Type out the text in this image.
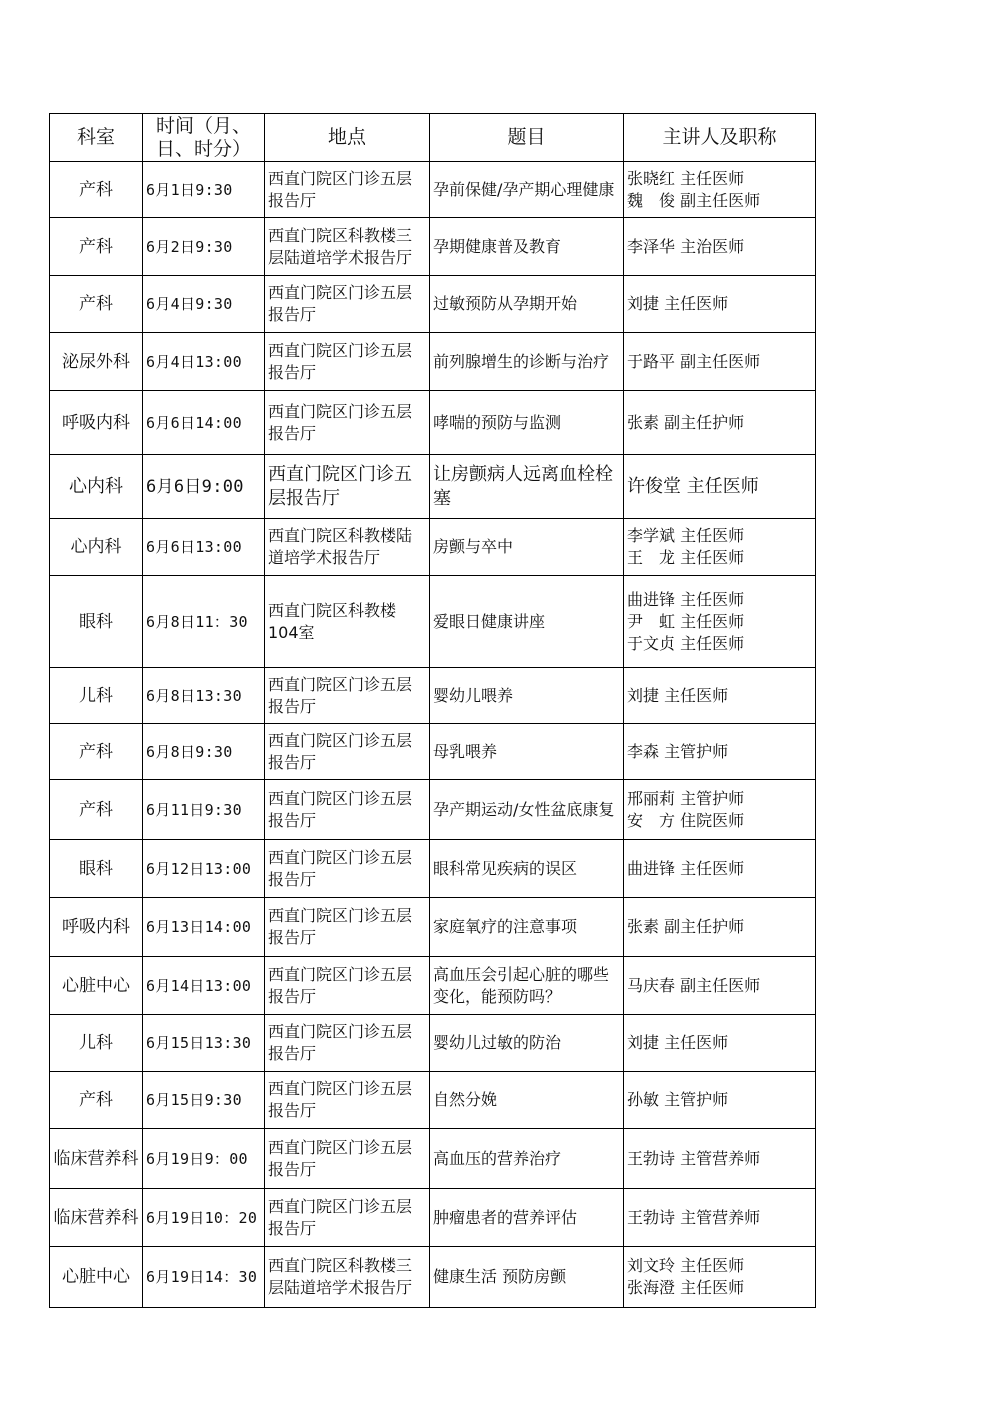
科室	时间（月、日、时分）	地点	题目	主讲人及职称
产科	6月1日9:30	西直门院区门诊五层报告厅	孕前保健/孕产期心理健康	张晓红 主任医师
魏　俊 副主任医师

产科	6月2日9:30	西直门院区科教楼三层陆道培学术报告厅	孕期健康普及教育	李泽华 主治医师

产科	6月4日9:30	西直门院区门诊五层报告厅	过敏预防从孕期开始	刘捷 主任医师

泌尿外科	6月4日13:00	西直门院区门诊五层报告厅	前列腺增生的诊断与治疗	于路平 副主任医师

呼吸内科	6月6日14:00	西直门院区门诊五层报告厅	哮喘的预防与监测	张素 副主任护师

心内科	6月6日9:00	西直门院区门诊五层报告厅	让房颤病人远离血栓栓塞	许俊堂 主任医师

心内科	6月6日13:00	西直门院区科教楼陆道培学术报告厅	房颤与卒中	李学斌 主任医师
王　龙 主任医师

眼科	6月8日11：30	西直门院区科教楼104室	爱眼日健康讲座	曲进锋 主任医师
尹　虹 主任医师
于文贞 主任医师

儿科	6月8日13:30	西直门院区门诊五层报告厅	婴幼儿喂养	刘捷 主任医师

产科	6月8日9:30	西直门院区门诊五层报告厅	母乳喂养	李森 主管护师

产科	6月11日9:30	西直门院区门诊五层报告厅	孕产期运动/女性盆底康复	邢丽莉 主管护师
安　方 住院医师

眼科	6月12日13:00	西直门院区门诊五层报告厅	眼科常见疾病的误区	曲进锋 主任医师

呼吸内科	6月13日14:00	西直门院区门诊五层报告厅	家庭氧疗的注意事项	张素 副主任护师

心脏中心	6月14日13:00	西直门院区门诊五层报告厅	高血压会引起心脏的哪些变化，能预防吗？	马庆春 副主任医师

儿科	6月15日13:30	西直门院区门诊五层报告厅	婴幼儿过敏的防治	刘捷 主任医师

产科	6月15日9:30	西直门院区门诊五层报告厅	自然分娩	孙敏 主管护师

临床营养科	6月19日9：00	西直门院区门诊五层报告厅	高血压的营养治疗	王勃诗 主管营养师

临床营养科	6月19日10：20	西直门院区门诊五层报告厅	肿瘤患者的营养评估	王勃诗 主管营养师

心脏中心	6月19日14：30	西直门院区科教楼三层陆道培学术报告厅	健康生活 预防房颤	刘文玲 主任医师
张海澄 主任医师
